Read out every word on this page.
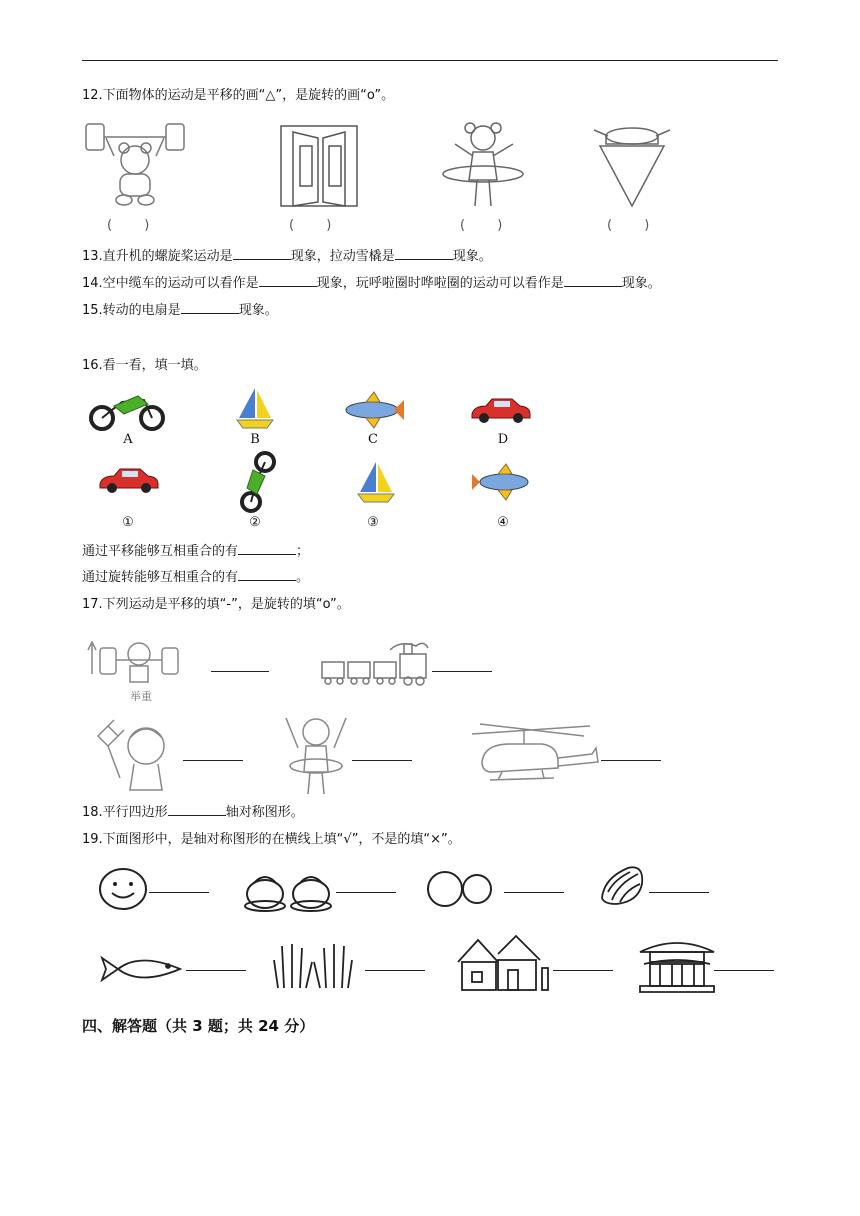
12.下面物体的运动是平移的画“△”，是旋转的画“o”。
( )	( )	( )	( )
13.直升机的螺旋桨运动是	现象，拉动雪橇是	现象。
14.空中缆车的运动可以看作是	现象，玩呼啦圈时哗啦圈的运动可以看作是	现象。
15.转动的电扇是	现象。
16.看一看，填一填。
A	B	C	D
①	②	③	④
通过平移能够互相重合的有	；
通过旋转能够互相重合的有	。
17.下列运动是平移的填“-”，是旋转的填“o”。
举重
18.平行四边形	轴对称图形。
19.下面图形中，是轴对称图形的在横线上填“√”，不是的填“×”。
四、解答题（共 3 题；共 24 分）
